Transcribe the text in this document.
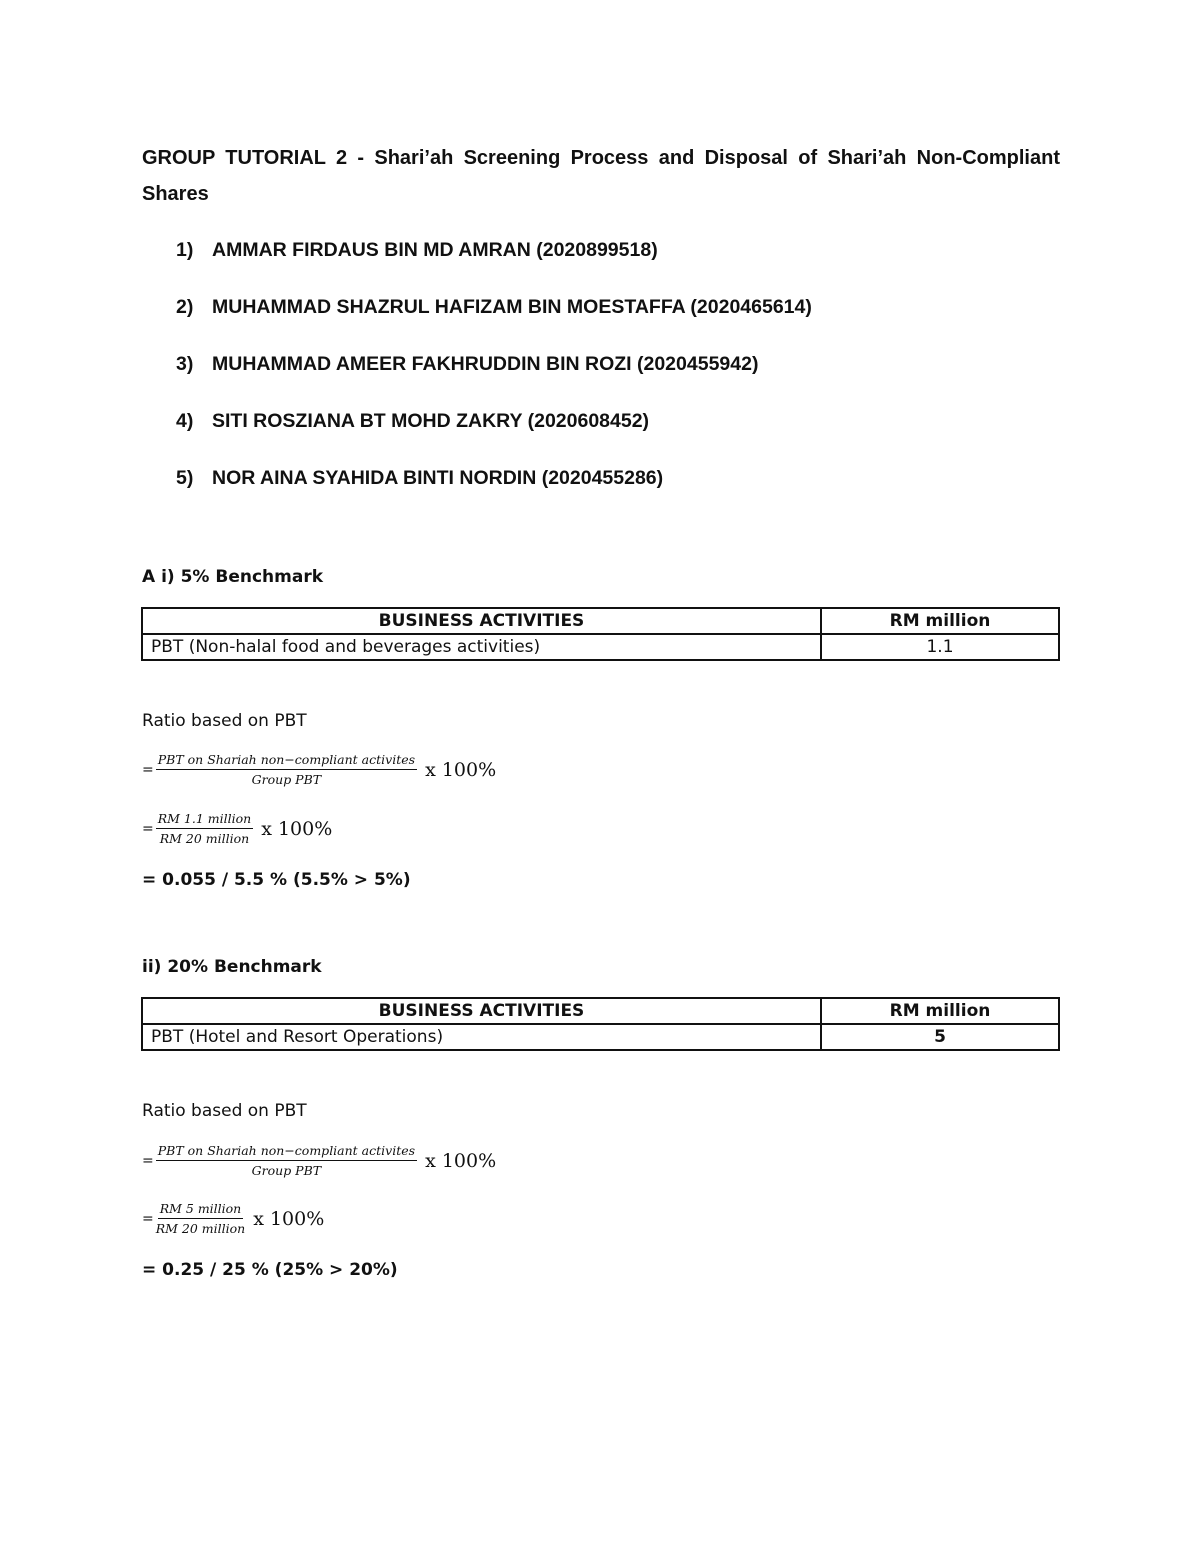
GROUP TUTORIAL 2 - Shari’ah Screening Process and Disposal of Shari’ah Non-Compliant Shares

1) AMMAR FIRDAUS BIN MD AMRAN (2020899518)
2) MUHAMMAD SHAZRUL HAFIZAM BIN MOESTAFFA (2020465614)
3) MUHAMMAD AMEER FAKHRUDDIN BIN ROZI (2020455942)
4) SITI ROSZIANA BT MOHD ZAKRY (2020608452)
5) NOR AINA SYAHIDA BINTI NORDIN (2020455286)

A i) 5% Benchmark

BUSINESS ACTIVITIES	RM million
PBT (Non-halal food and beverages activities)	1.1

Ratio based on PBT

= $\frac{\text{PBT on Shariah non−compliant activites}}{\text{Group PBT}}$ x 100%
= $\frac{\text{RM 1.1 million}}{\text{RM 20 million}}$ x 100%

= 0.055 / 5.5 % (5.5% > 5%)

ii) 20% Benchmark

BUSINESS ACTIVITIES	RM million
PBT (Hotel and Resort Operations)	5

Ratio based on PBT

= $\frac{\text{PBT on Shariah non−compliant activites}}{\text{Group PBT}}$ x 100%
= $\frac{\text{RM 5 million}}{\text{RM 20 million}}$ x 100%

= 0.25 / 25 % (25% > 20%)
